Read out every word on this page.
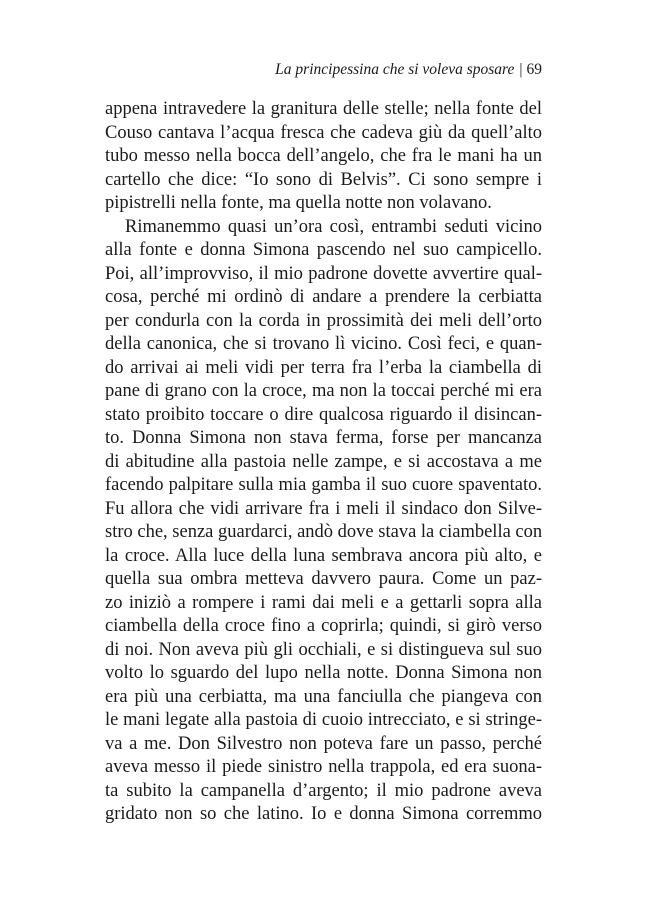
La principessina che si voleva sposare | 69
appena intravedere la granitura delle stelle; nella fonte del
Couso cantava l’acqua fresca che cadeva giù da quell’alto
tubo messo nella bocca dell’angelo, che fra le mani ha un
cartello che dice: “Io sono di Belvis”. Ci sono sempre i
pipistrelli nella fonte, ma quella notte non volavano.
Rimanemmo quasi un’ora così, entrambi seduti vicino
alla fonte e donna Simona pascendo nel suo campicello.
Poi, all’improvviso, il mio padrone dovette avvertire qual-
cosa, perché mi ordinò di andare a prendere la cerbiatta
per condurla con la corda in prossimità dei meli dell’orto
della canonica, che si trovano lì vicino. Così feci, e quan-
do arrivai ai meli vidi per terra fra l’erba la ciambella di
pane di grano con la croce, ma non la toccai perché mi era
stato proibito toccare o dire qualcosa riguardo il disincan-
to. Donna Simona non stava ferma, forse per mancanza
di abitudine alla pastoia nelle zampe, e si accostava a me
facendo palpitare sulla mia gamba il suo cuore spaventato.
Fu allora che vidi arrivare fra i meli il sindaco don Silve-
stro che, senza guardarci, andò dove stava la ciambella con
la croce. Alla luce della luna sembrava ancora più alto, e
quella sua ombra metteva davvero paura. Come un paz-
zo iniziò a rompere i rami dai meli e a gettarli sopra alla
ciambella della croce fino a coprirla; quindi, si girò verso
di noi. Non aveva più gli occhiali, e si distingueva sul suo
volto lo sguardo del lupo nella notte. Donna Simona non
era più una cerbiatta, ma una fanciulla che piangeva con
le mani legate alla pastoia di cuoio intrecciato, e si stringe-
va a me. Don Silvestro non poteva fare un passo, perché
aveva messo il piede sinistro nella trappola, ed era suona-
ta subito la campanella d’argento; il mio padrone aveva
gridato non so che latino. Io e donna Simona corremmo
